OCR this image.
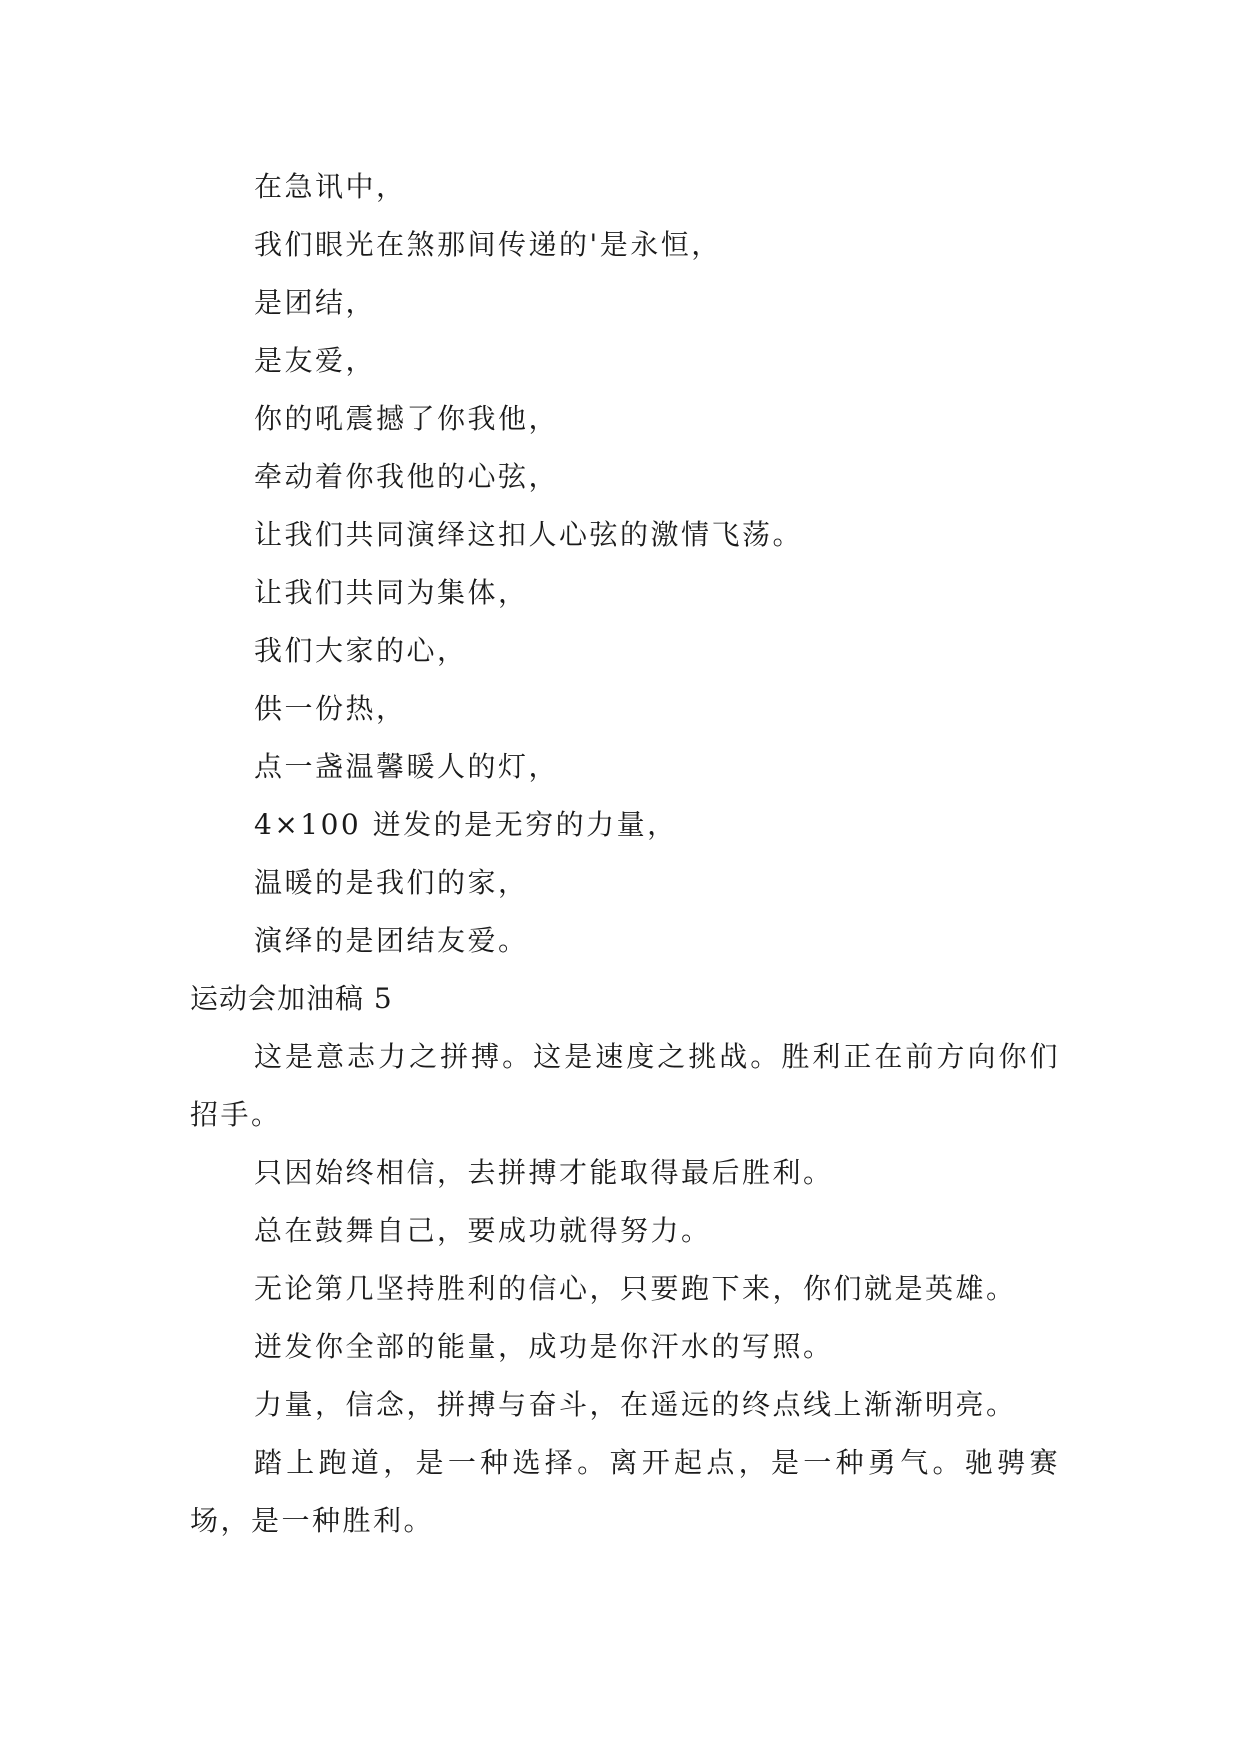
在急讯中，

我们眼光在煞那间传递的'是永恒，

是团结，

是友爱，

你的吼震撼了你我他，

牵动着你我他的心弦，

让我们共同演绎这扣人心弦的激情飞荡。

让我们共同为集体，

我们大家的心，

供一份热，

点一盏温馨暖人的灯，

4×100 迸发的是无穷的力量，

温暖的是我们的家，

演绎的是团结友爱。

运动会加油稿 5

这是意志力之拼搏。这是速度之挑战。胜利正在前方向你们招手。

只因始终相信，去拼搏才能取得最后胜利。

总在鼓舞自己，要成功就得努力。

无论第几坚持胜利的信心，只要跑下来，你们就是英雄。

迸发你全部的能量，成功是你汗水的写照。

力量，信念，拼搏与奋斗，在遥远的终点线上渐渐明亮。

踏上跑道，是一种选择。离开起点，是一种勇气。驰骋赛场，是一种胜利。
